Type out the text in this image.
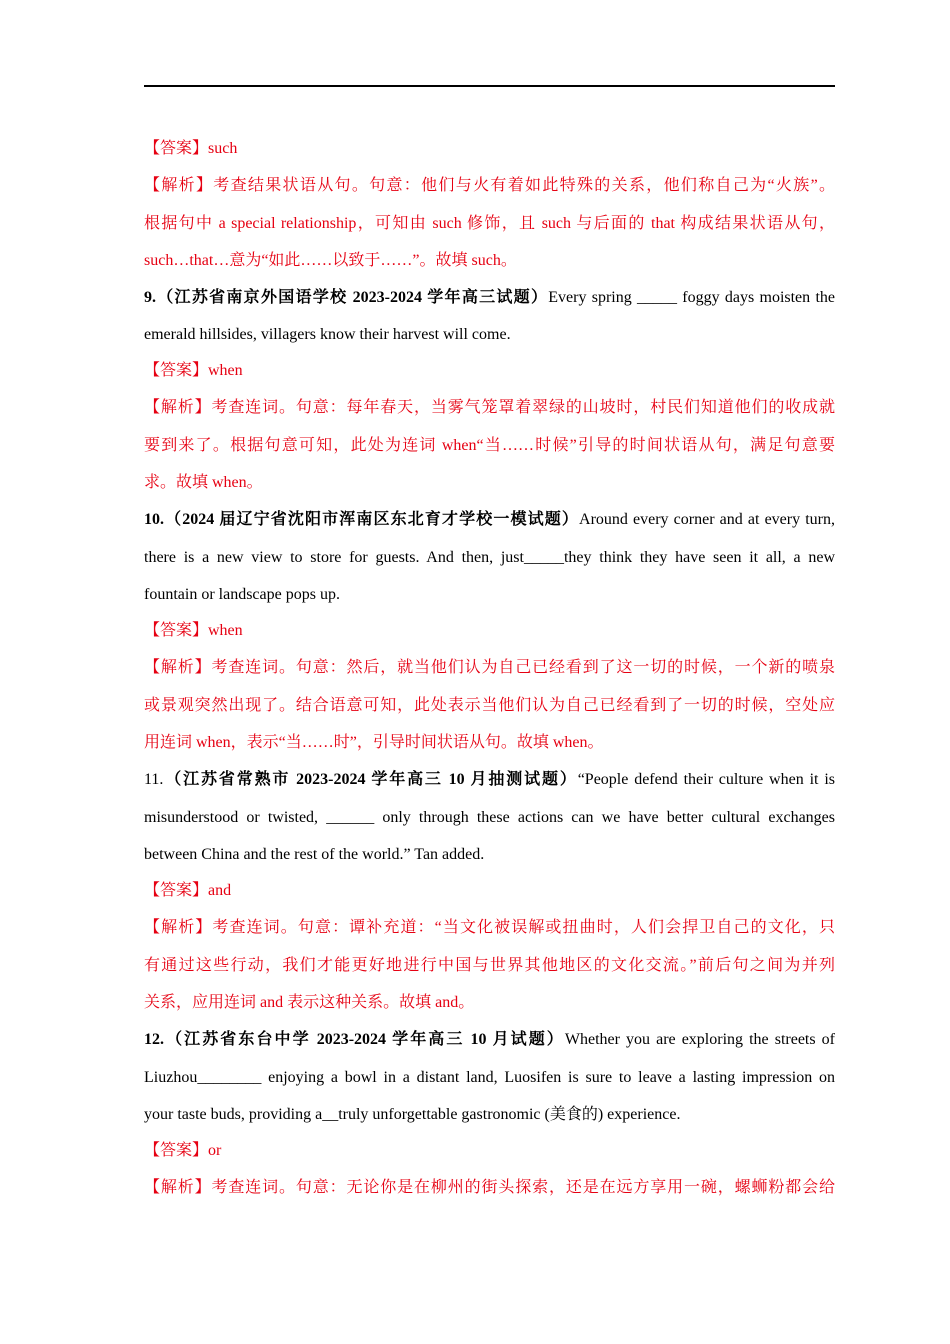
【答案】such
【解析】考查结果状语从句。句意：他们与火有着如此特殊的关系，他们称自己为“火族”。
根据句中 a special relationship，可知由 such 修饰，且 such 与后面的 that 构成结果状语从句，
such…that…意为“如此……以致于……”。故填 such。
9.（江苏省南京外国语学校 2023-2024 学年高三试题）Every spring _____ foggy days moisten the
emerald hillsides, villagers know their harvest will come.
【答案】when
【解析】考查连词。句意：每年春天，当雾气笼罩着翠绿的山坡时，村民们知道他们的收成就
要到来了。根据句意可知，此处为连词 when“当……时候”引导的时间状语从句，满足句意要
求。故填 when。
10.（2024 届辽宁省沈阳市浑南区东北育才学校一模试题）Around every corner and at every turn,
there is a new view to store for guests. And then, just_____they think they have seen it all, a new
fountain or landscape pops up.
【答案】when
【解析】考查连词。句意：然后，就当他们认为自己已经看到了这一切的时候，一个新的喷泉
或景观突然出现了。结合语意可知，此处表示当他们认为自己已经看到了一切的时候，空处应
用连词 when，表示“当……时”，引导时间状语从句。故填 when。
11.（江苏省常熟市 2023-2024 学年高三 10 月抽测试题）“People defend their culture when it is
misunderstood or twisted, ______ only through these actions can we have better cultural exchanges
between China and the rest of the world.” Tan added.
【答案】and
【解析】考查连词。句意：谭补充道：“当文化被误解或扭曲时，人们会捍卫自己的文化，只
有通过这些行动，我们才能更好地进行中国与世界其他地区的文化交流。”前后句之间为并列
关系，应用连词 and 表示这种关系。故填 and。
12.（江苏省东台中学 2023-2024 学年高三 10 月试题）Whether you are exploring the streets of
Liuzhou________ enjoying a bowl in a distant land, Luosifen is sure to leave a lasting impression on
your taste buds, providing a__truly unforgettable gastronomic (美食的) experience.
【答案】or
【解析】考查连词。句意：无论你是在柳州的街头探索，还是在远方享用一碗，螺蛳粉都会给
